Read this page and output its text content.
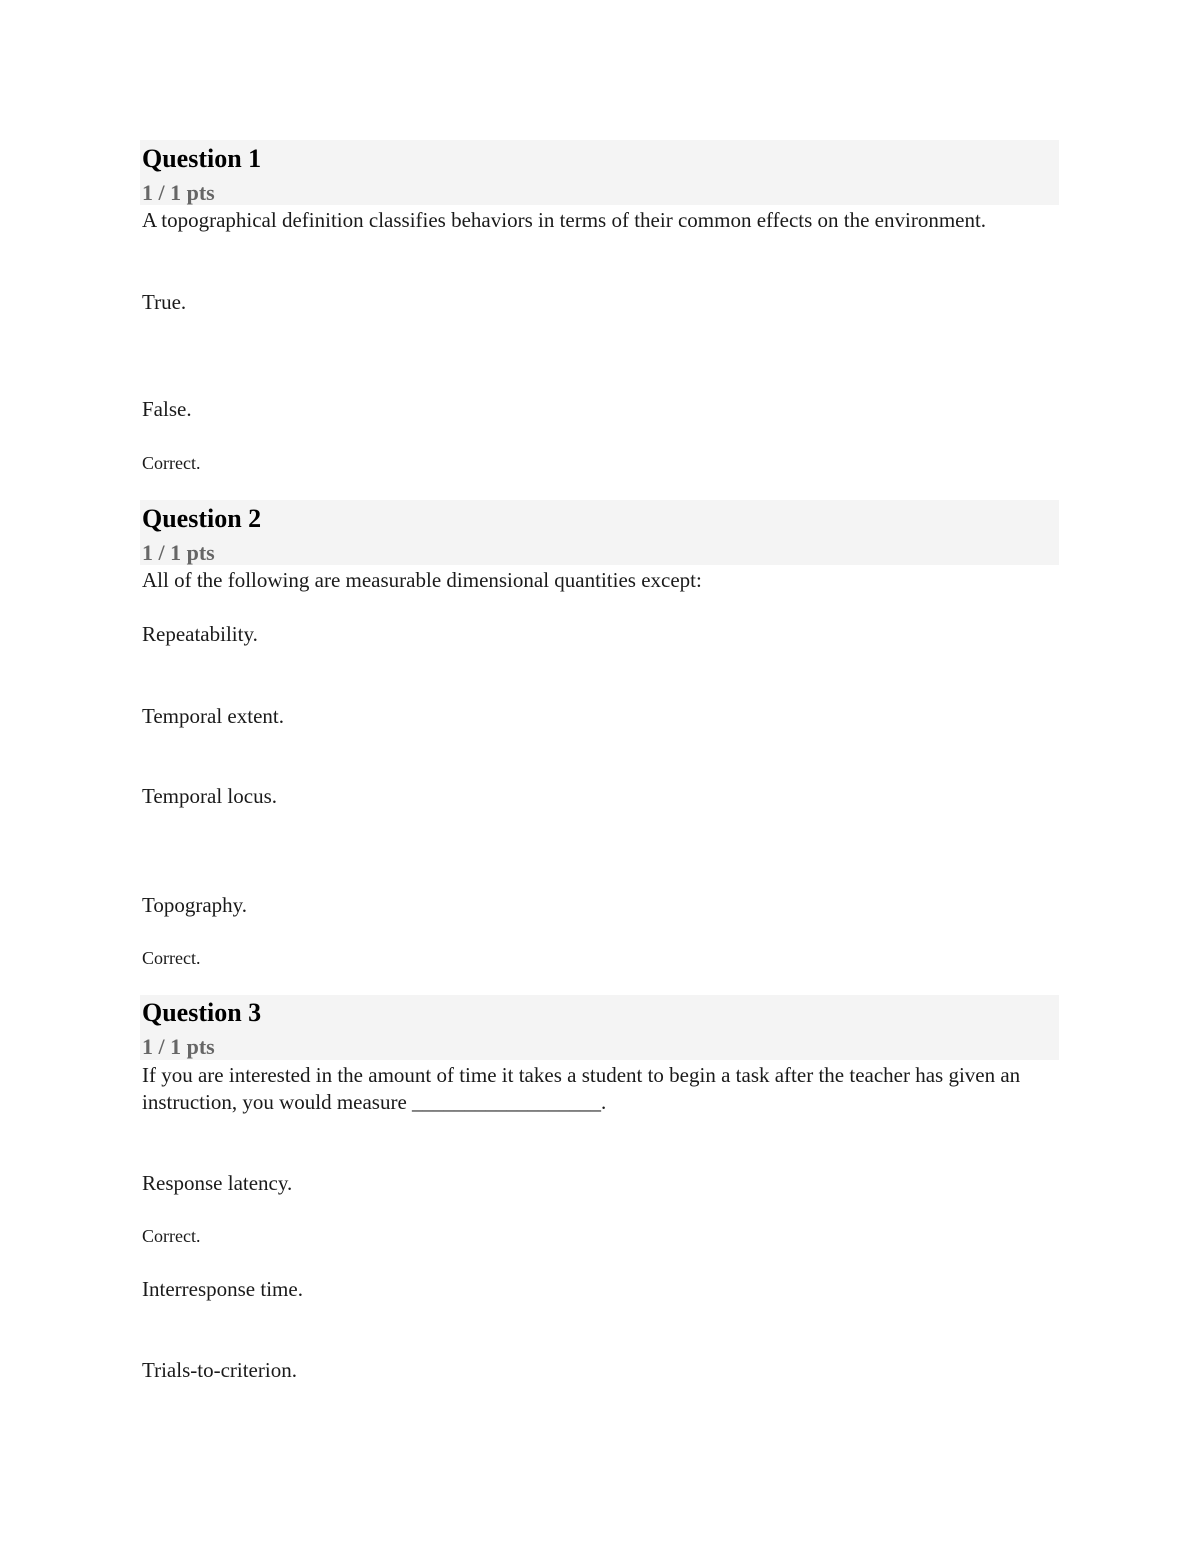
Question 1
1 / 1 pts
A topographical definition classifies behaviors in terms of their common effects on the environment.
True.
False.
Correct.
Question 2
1 / 1 pts
All of the following are measurable dimensional quantities except:
Repeatability.
Temporal extent.
Temporal locus.
Topography.
Correct.
Question 3
1 / 1 pts
If you are interested in the amount of time it takes a student to begin a task after the teacher has given an instruction, you would measure __________________.
Response latency.
Correct.
Interresponse time.
Trials-to-criterion.
